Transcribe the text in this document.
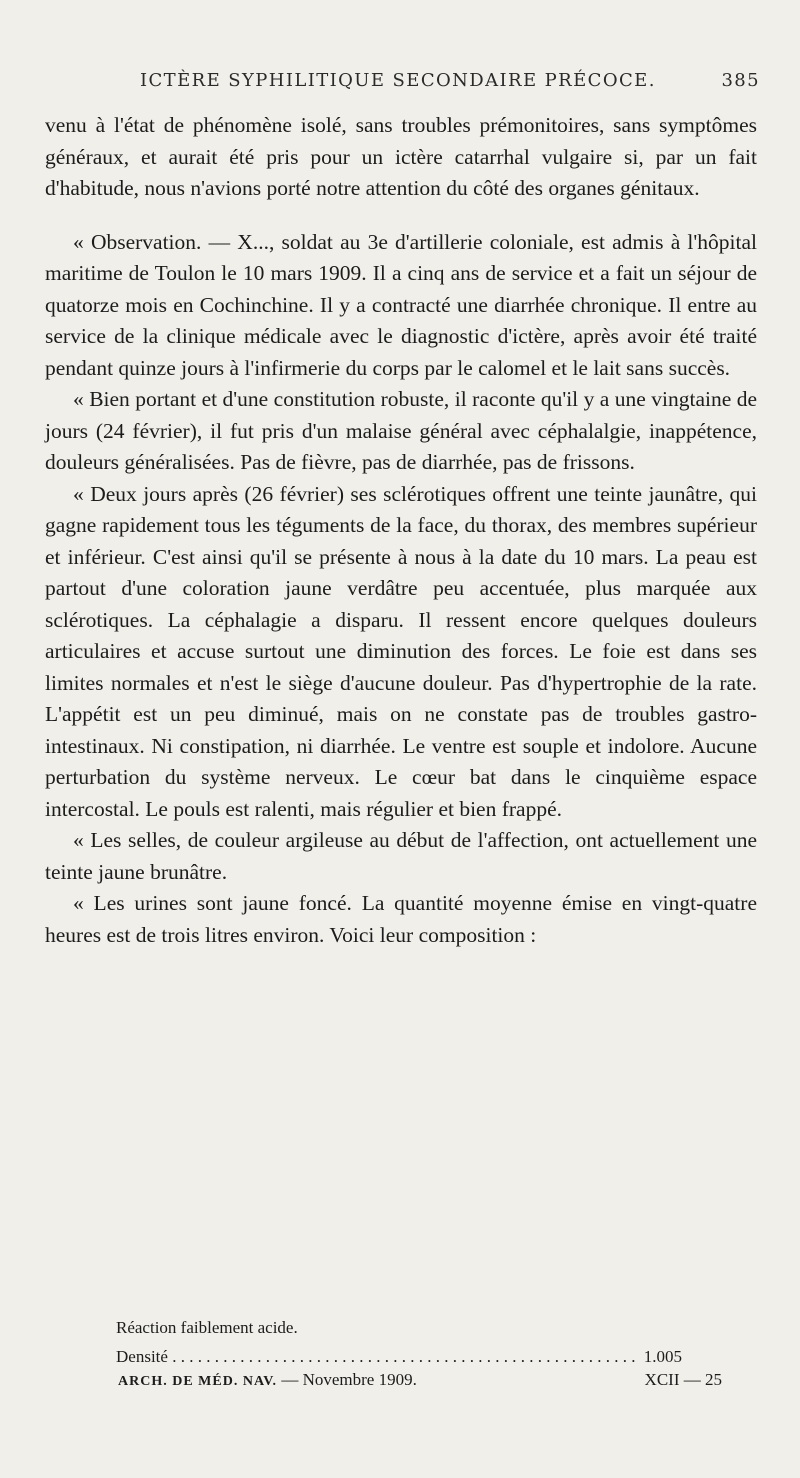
ICTÈRE SYPHILITIQUE SECONDAIRE PRÉCOCE.	385

venu à l'état de phénomène isolé, sans troubles prémonitoires, sans symptômes généraux, et aurait été pris pour un ictère catarrhal vulgaire si, par un fait d'habitude, nous n'avions porté notre attention du côté des organes génitaux.

« Observation. — X..., soldat au 3e d'artillerie coloniale, est admis à l'hôpital maritime de Toulon le 10 mars 1909. Il a cinq ans de service et a fait un séjour de quatorze mois en Cochinchine. Il y a contracté une diarrhée chronique. Il entre au service de la clinique médicale avec le diagnostic d'ictère, après avoir été traité pendant quinze jours à l'infirmerie du corps par le calomel et le lait sans succès.

« Bien portant et d'une constitution robuste, il raconte qu'il y a une vingtaine de jours (24 février), il fut pris d'un malaise général avec céphalalgie, inappétence, douleurs généralisées. Pas de fièvre, pas de diarrhée, pas de frissons.

« Deux jours après (26 février) ses sclérotiques offrent une teinte jaunâtre, qui gagne rapidement tous les téguments de la face, du thorax, des membres supérieur et inférieur. C'est ainsi qu'il se présente à nous à la date du 10 mars. La peau est partout d'une coloration jaune verdâtre peu accentuée, plus marquée aux sclérotiques. La céphalagie a disparu. Il ressent encore quelques douleurs articulaires et accuse surtout une diminution des forces. Le foie est dans ses limites normales et n'est le siège d'aucune douleur. Pas d'hypertrophie de la rate. L'appétit est un peu diminué, mais on ne constate pas de troubles gastro-intestinaux. Ni constipation, ni diarrhée. Le ventre est souple et indolore. Aucune perturbation du système nerveux. Le cœur bat dans le cinquième espace intercostal. Le pouls est ralenti, mais régulier et bien frappé.

« Les selles, de couleur argileuse au début de l'affection, ont actuellement une teinte jaune brunâtre.

« Les urines sont jaune foncé. La quantité moyenne émise en vingt-quatre heures est de trois litres environ. Voici leur composition :

Réaction faiblement acide.
Densité . . .	1.005
ARCH. DE MÉD. NAV. — Novembre 1909.	XCII — 25
